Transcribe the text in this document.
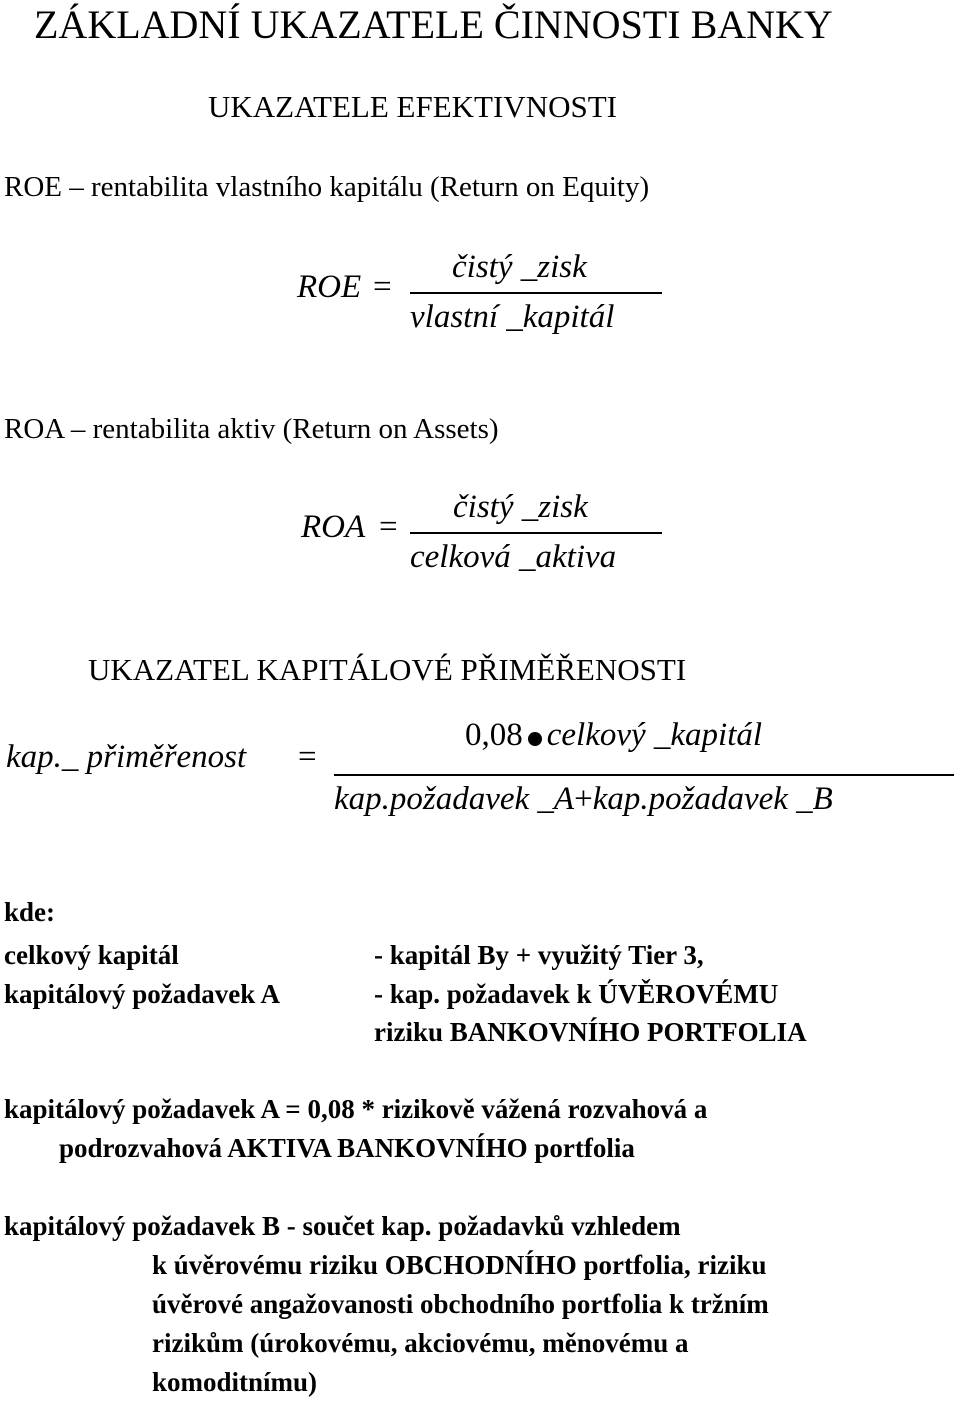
ZÁKLADNÍ UKAZATELE ČINNOSTI BANKY
UKAZATELE EFEKTIVNOSTI
ROE – rentabilita vlastního kapitálu (Return on Equity)
ROE =
čistý _zisk
vlastní _kapitál
ROA – rentabilita aktiv (Return on Assets)
ROA =
čistý _zisk
celková _aktiva
UKAZATEL KAPITÁLOVÉ PŘIMĚŘENOSTI
kap._ přiměřenost =
0,08 celkový _kapitál
kap.požadavek _A+kap.požadavek _B
kde:
celkový kapitál	- kapitál By + využitý Tier 3,
kapitálový požadavek A	- kap. požadavek k ÚVĚROVÉMU
riziku BANKOVNÍHO PORTFOLIA
kapitálový požadavek A = 0,08 * rizikově vážená rozvahová a
podrozvahová AKTIVA BANKOVNÍHO portfolia
kapitálový požadavek B - součet kap. požadavků vzhledem
k úvěrovému riziku OBCHODNÍHO portfolia, riziku
úvěrové angažovanosti obchodního portfolia k tržním
rizikům (úrokovému, akciovému, měnovému a
komoditnímu)
